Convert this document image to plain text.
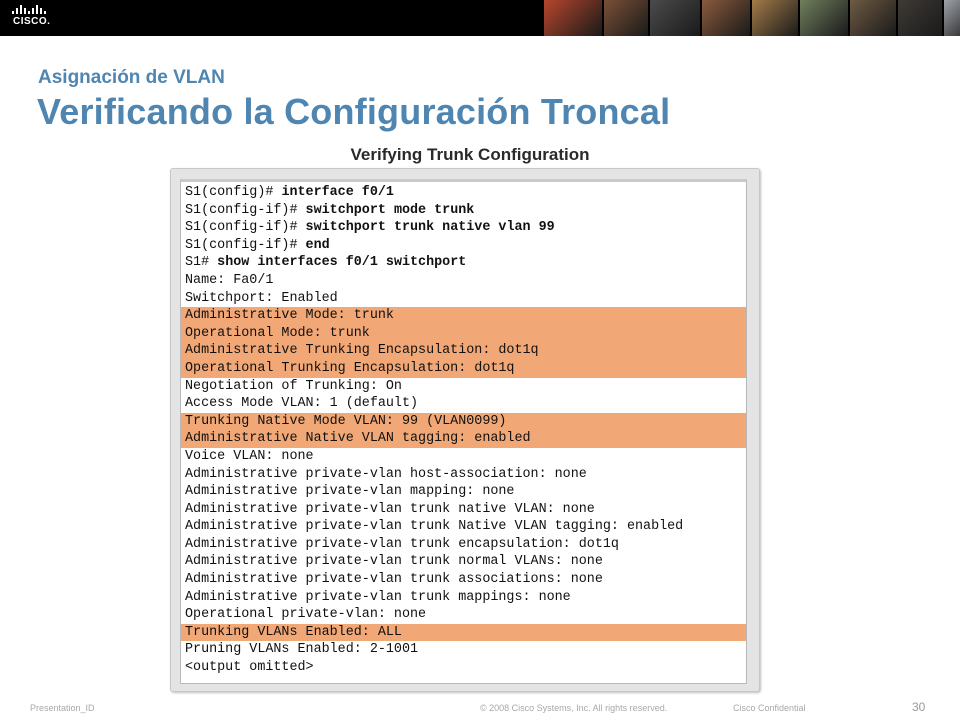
CISCO.
Asignación de VLAN
Verificando la Configuración Troncal
Verifying Trunk Configuration
S1(config)# interface f0/1
S1(config-if)# switchport mode trunk
S1(config-if)# switchport trunk native vlan 99
S1(config-if)# end
S1# show interfaces f0/1 switchport
Name: Fa0/1
Switchport: Enabled
Administrative Mode: trunk
Operational Mode: trunk
Administrative Trunking Encapsulation: dot1q
Operational Trunking Encapsulation: dot1q
Negotiation of Trunking: On
Access Mode VLAN: 1 (default)
Trunking Native Mode VLAN: 99 (VLAN0099)
Administrative Native VLAN tagging: enabled
Voice VLAN: none
Administrative private-vlan host-association: none
Administrative private-vlan mapping: none
Administrative private-vlan trunk native VLAN: none
Administrative private-vlan trunk Native VLAN tagging: enabled
Administrative private-vlan trunk encapsulation: dot1q
Administrative private-vlan trunk normal VLANs: none
Administrative private-vlan trunk associations: none
Administrative private-vlan trunk mappings: none
Operational private-vlan: none
Trunking VLANs Enabled: ALL
Pruning VLANs Enabled: 2-1001
<output omitted>
Presentation_ID	© 2008 Cisco Systems, Inc. All rights reserved.	Cisco Confidential	30
